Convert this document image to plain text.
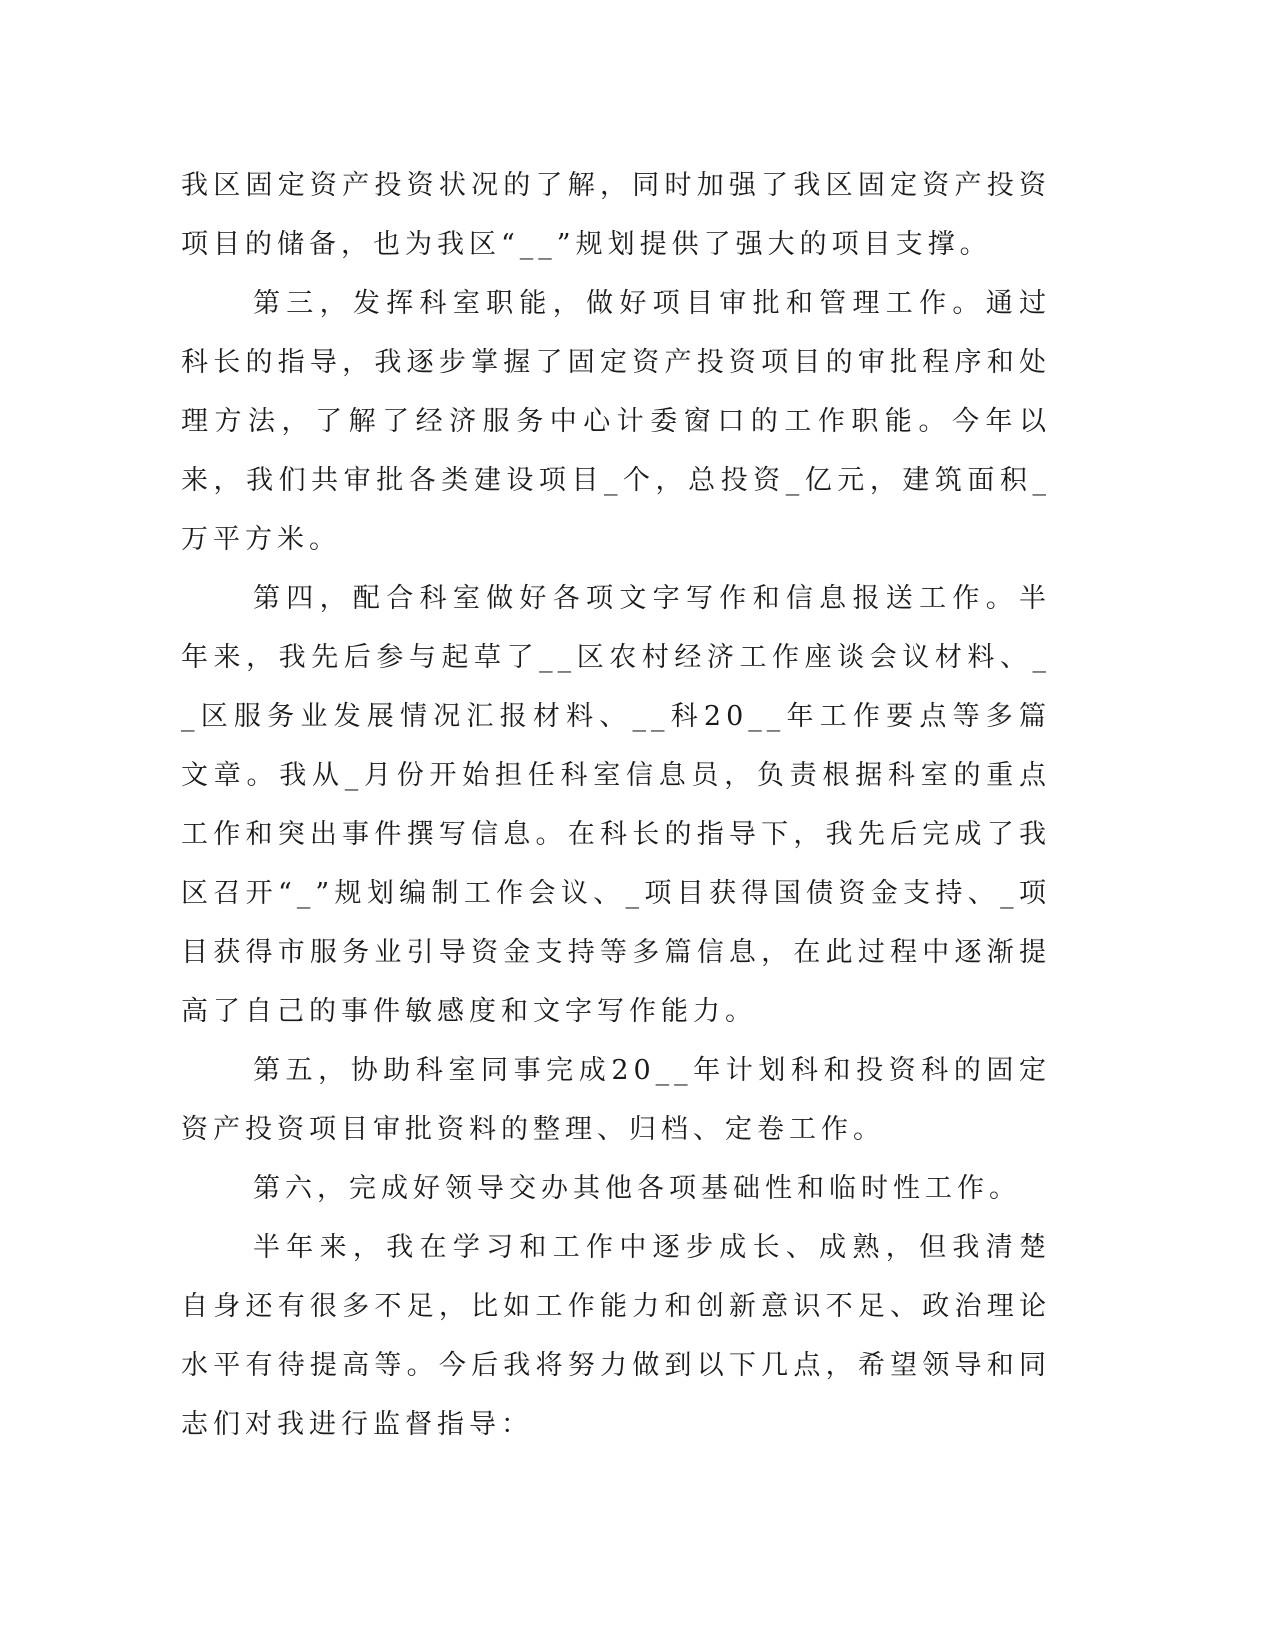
我区固定资产投资状况的了解，同时加强了我区固定资产投资项目的储备，也为我区“__”规划提供了强大的项目支撑。

第三，发挥科室职能，做好项目审批和管理工作。通过科长的指导，我逐步掌握了固定资产投资项目的审批程序和处理方法，了解了经济服务中心计委窗口的工作职能。今年以来，我们共审批各类建设项目_个，总投资_亿元，建筑面积_万平方米。

第四，配合科室做好各项文字写作和信息报送工作。半年来，我先后参与起草了__区农村经济工作座谈会议材料、__区服务业发展情况汇报材料、__科20__年工作要点等多篇文章。我从_月份开始担任科室信息员，负责根据科室的重点工作和突出事件撰写信息。在科长的指导下，我先后完成了我区召开“_”规划编制工作会议、_项目获得国债资金支持、_项目获得市服务业引导资金支持等多篇信息，在此过程中逐渐提高了自己的事件敏感度和文字写作能力。

第五，协助科室同事完成20__年计划科和投资科的固定资产投资项目审批资料的整理、归档、定卷工作。

第六，完成好领导交办其他各项基础性和临时性工作。

半年来，我在学习和工作中逐步成长、成熟，但我清楚自身还有很多不足，比如工作能力和创新意识不足、政治理论水平有待提高等。今后我将努力做到以下几点，希望领导和同志们对我进行监督指导：
